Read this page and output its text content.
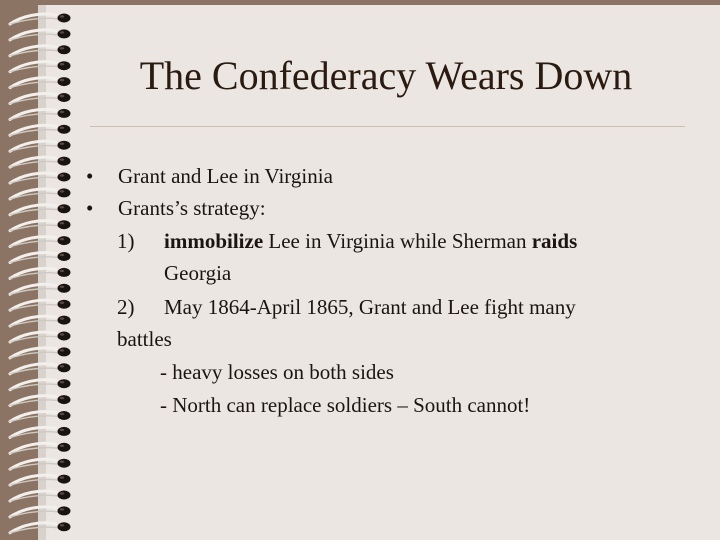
The Confederacy Wears Down
• Grant and Lee in Virginia
• Grants’s strategy:
1) immobilize Lee in Virginia while Sherman raids
Georgia
2) May 1864-April 1865, Grant and Lee fight many
battles
- heavy losses on both sides
- North can replace soldiers – South cannot!
